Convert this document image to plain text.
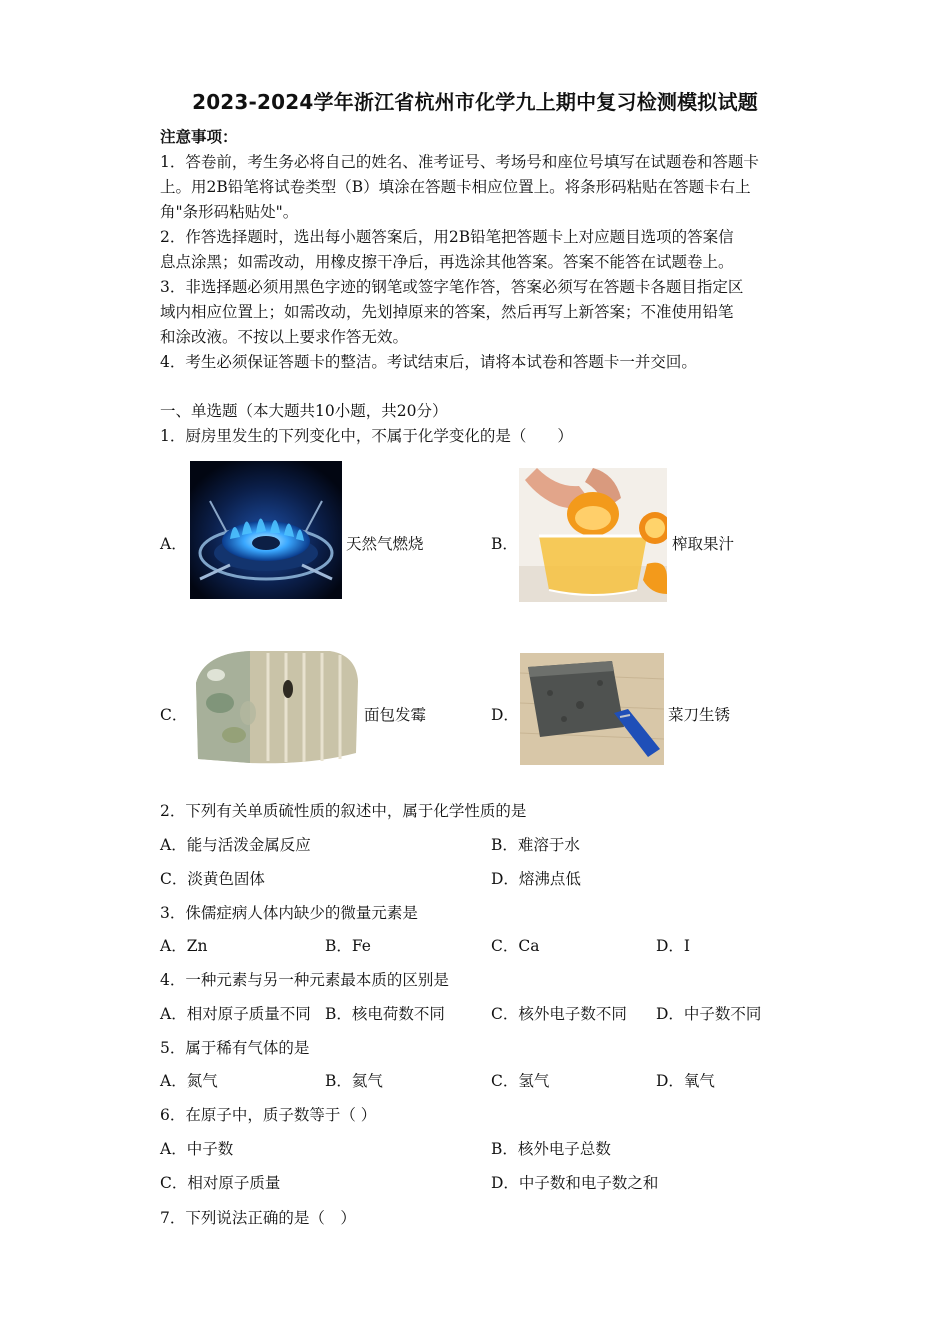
2023-2024学年浙江省杭州市化学九上期中复习检测模拟试题
注意事项：
1．答卷前，考生务必将自己的姓名、准考证号、考场号和座位号填写在试题卷和答题卡
上。用2B铅笔将试卷类型（B）填涂在答题卡相应位置上。将条形码粘贴在答题卡右上
角"条形码粘贴处"。
2．作答选择题时，选出每小题答案后，用2B铅笔把答题卡上对应题目选项的答案信
息点涂黑；如需改动，用橡皮擦干净后，再选涂其他答案。答案不能答在试题卷上。
3．非选择题必须用黑色字迹的钢笔或签字笔作答，答案必须写在答题卡各题目指定区
域内相应位置上；如需改动，先划掉原来的答案，然后再写上新答案；不准使用铅笔
和涂改液。不按以上要求作答无效。
4．考生必须保证答题卡的整洁。考试结束后，请将本试卷和答题卡一并交回。
一、单选题（本大题共10小题，共20分）
1．厨房里发生的下列变化中，不属于化学变化的是（　　）
A．	天然气燃烧	B．	榨取果汁
C．	面包发霉	D．	菜刀生锈
2．下列有关单质硫性质的叙述中，属于化学性质的是
A．能与活泼金属反应	B．难溶于水
C．淡黄色固体	D．熔沸点低
3．侏儒症病人体内缺少的微量元素是
A．Zn	B．Fe	C．Ca	D．I
4．一种元素与另一种元素最本质的区别是
A．相对原子质量不同 B．核电荷数不同	C．核外电子数不同 D．中子数不同
5．属于稀有气体的是
A．氮气	B．氦气	C．氢气	D．氧气
6．在原子中，质子数等于（ ）
A．中子数	B．核外电子总数
C．相对原子质量	D．中子数和电子数之和
7．下列说法正确的是（　）
